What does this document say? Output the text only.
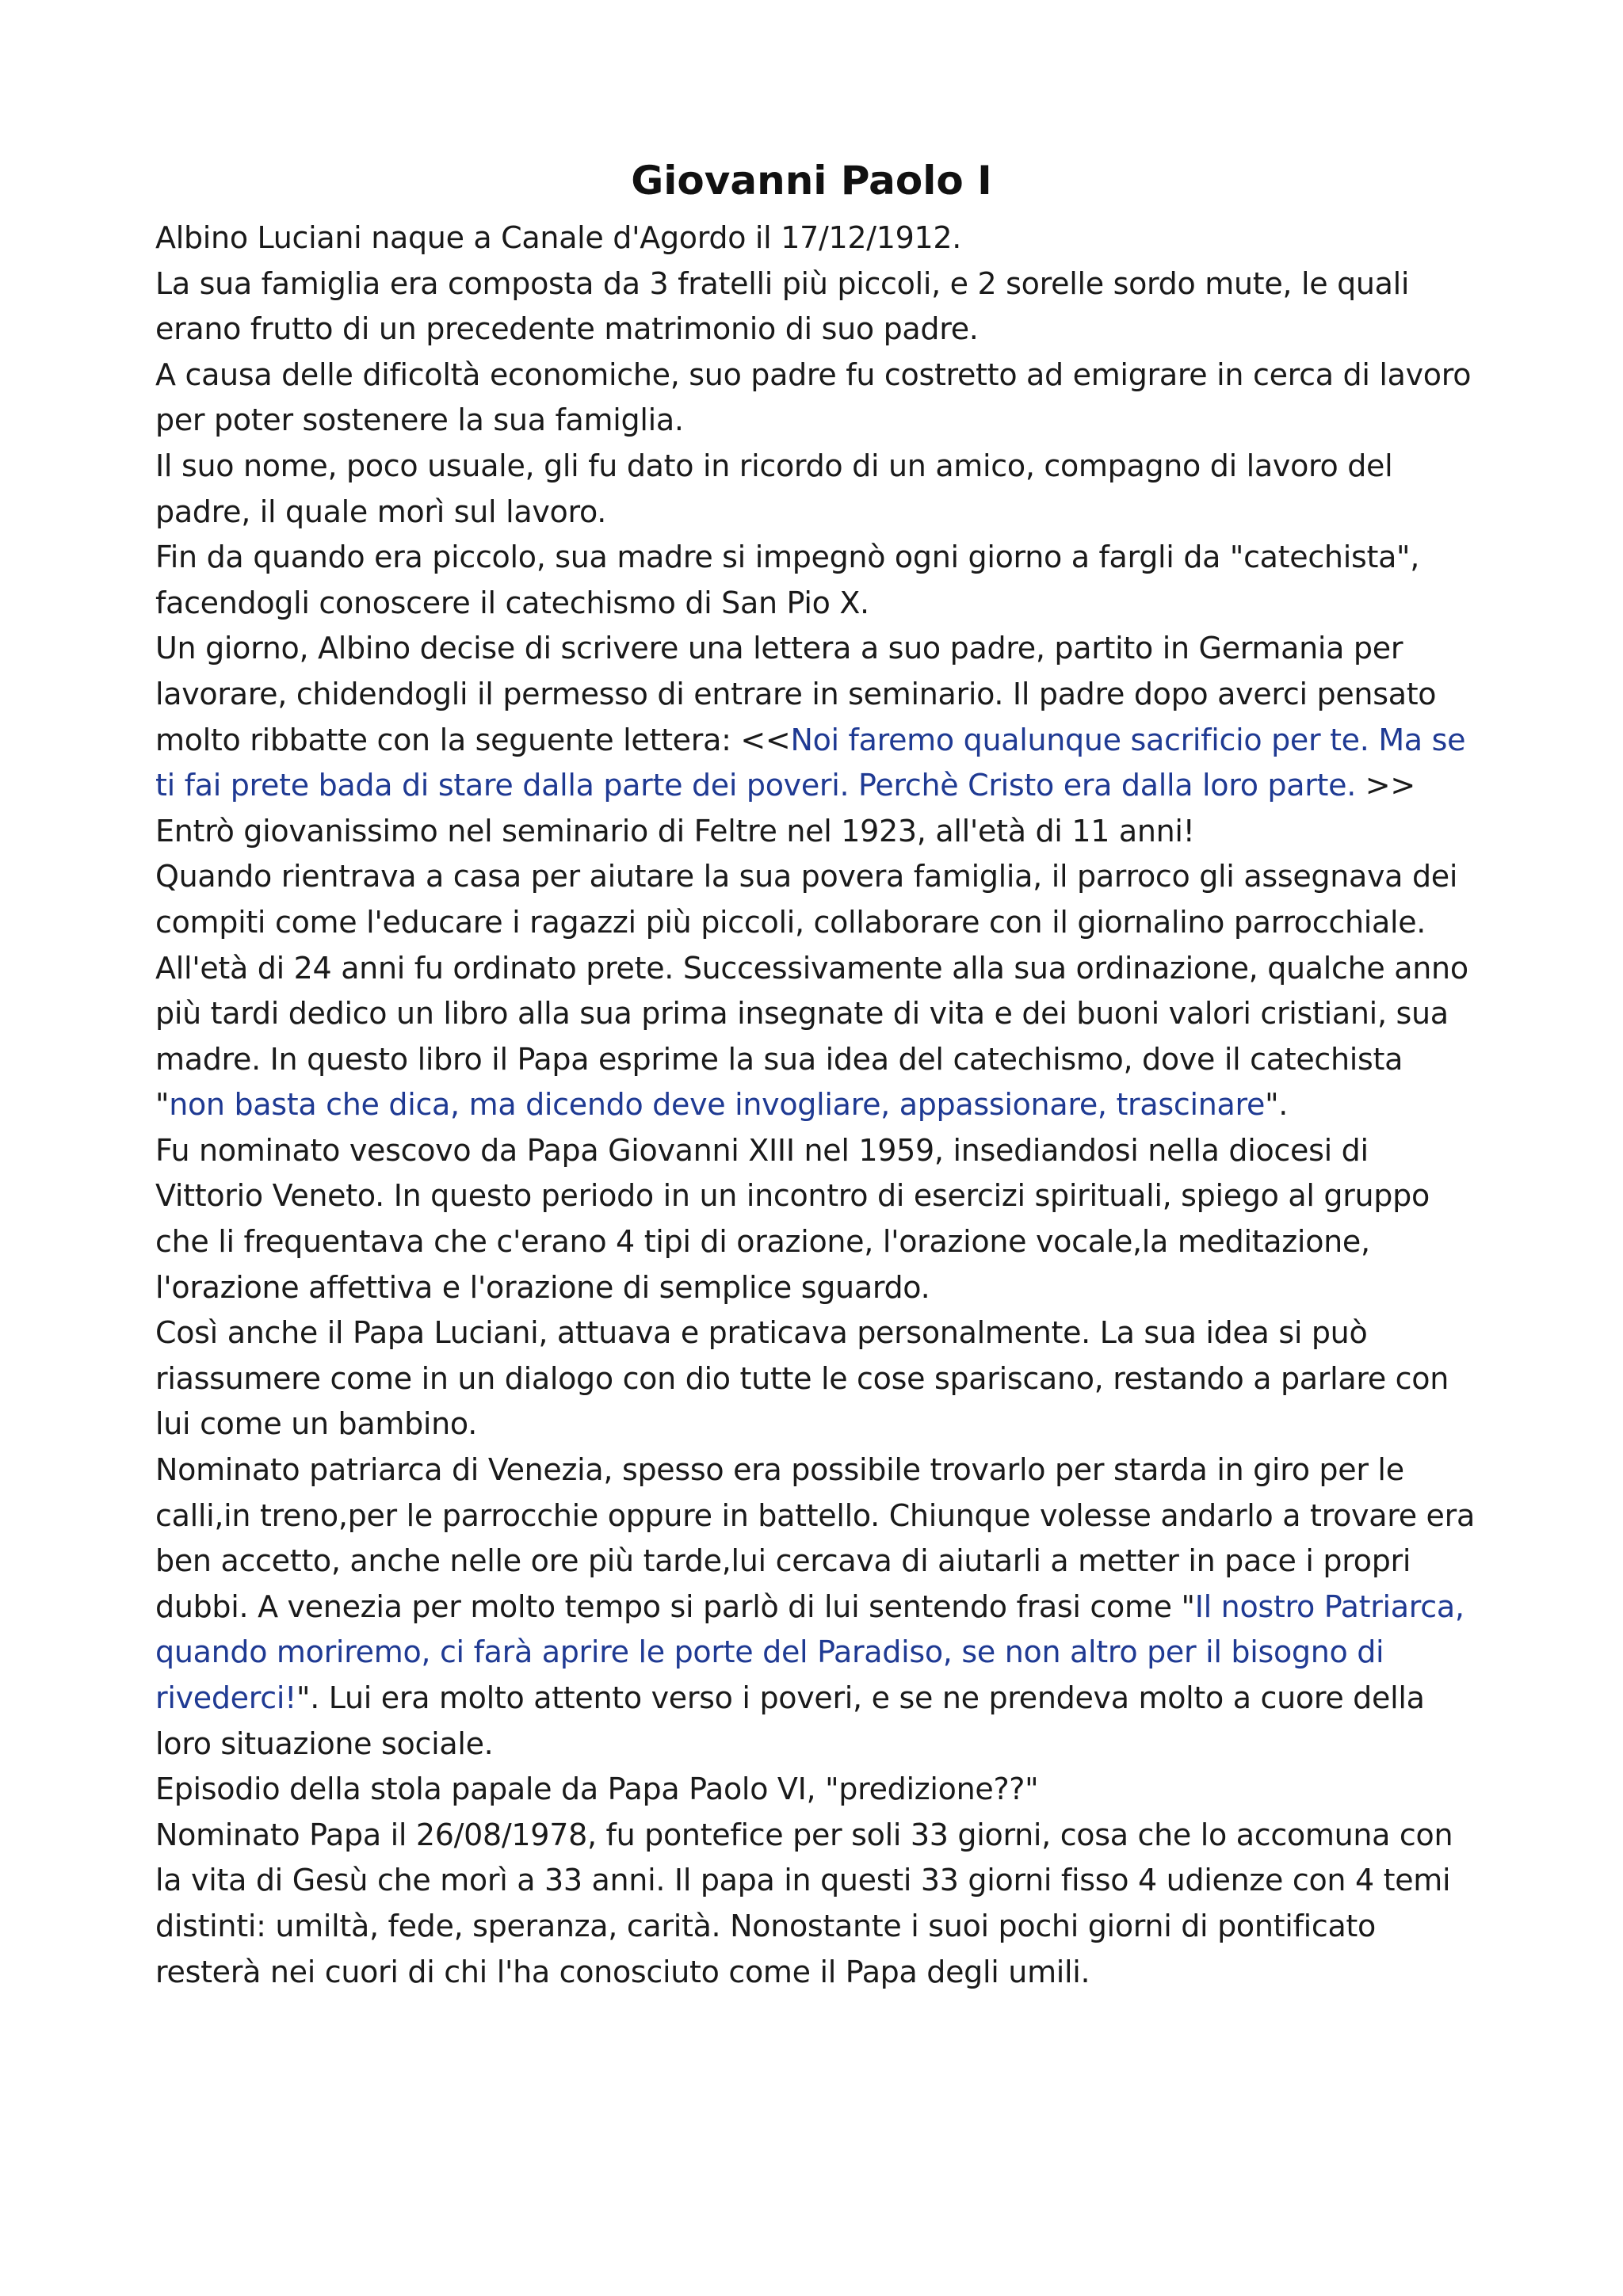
Giovanni Paolo I

Albino Luciani naque a Canale d'Agordo il 17/12/1912.

La sua famiglia era composta da 3 fratelli più piccoli, e 2 sorelle sordo mute, le quali erano frutto di un precedente matrimonio di suo padre.

A causa delle dificoltà economiche, suo padre fu costretto ad emigrare in cerca di lavoro per poter sostenere la sua famiglia.

Il suo nome, poco usuale, gli fu dato in ricordo di un amico, compagno di lavoro del padre, il quale morì sul lavoro.

Fin da quando era piccolo, sua madre si impegnò ogni giorno a fargli da "catechista", facendogli conoscere il catechismo di San Pio X.

Un giorno, Albino decise di scrivere una lettera a suo padre, partito in Germania per lavorare, chidendogli il permesso di entrare in seminario. Il padre dopo averci pensato molto ribbatte con la seguente lettera: <<Noi faremo qualunque sacrificio per te. Ma se ti fai prete bada di stare dalla parte dei poveri. Perchè Cristo era dalla loro parte. >>

Entrò giovanissimo nel seminario di Feltre nel 1923, all'età di 11 anni!

Quando rientrava a casa per aiutare la sua povera famiglia, il parroco gli assegnava dei compiti come l'educare i ragazzi più piccoli, collaborare con il giornalino parrocchiale.

All'età di 24 anni fu ordinato prete. Successivamente alla sua ordinazione, qualche anno più tardi dedico un libro alla sua prima insegnate di vita e dei buoni valori cristiani, sua madre. In questo libro il Papa esprime la sua idea del catechismo, dove il catechista "non basta che dica, ma dicendo deve invogliare, appassionare, trascinare".

Fu nominato vescovo da Papa Giovanni XIII nel 1959, insediandosi nella diocesi di Vittorio Veneto. In questo periodo in un incontro di esercizi spirituali, spiego al gruppo che li frequentava che c'erano 4 tipi di orazione, l'orazione vocale,la meditazione, l'orazione affettiva e l'orazione di semplice sguardo.

Così anche il Papa Luciani, attuava e praticava personalmente. La sua idea si può riassumere come in un dialogo con dio tutte le cose spariscano, restando a parlare con lui come un bambino.

Nominato patriarca di Venezia, spesso era possibile trovarlo per starda in giro per le calli,in treno,per le parrocchie oppure in battello. Chiunque volesse andarlo a trovare era ben accetto, anche nelle ore più tarde,lui cercava di aiutarli a metter in pace i propri dubbi. A venezia per molto tempo si parlò di lui sentendo frasi come "Il nostro Patriarca, quando moriremo, ci farà aprire le porte del Paradiso, se non altro per il bisogno di rivederci!". Lui era molto attento verso i poveri, e se ne prendeva molto a cuore della loro situazione sociale.

Episodio della stola papale da Papa Paolo VI, "predizione??"

Nominato Papa il 26/08/1978, fu pontefice per soli 33 giorni, cosa che lo accomuna con la vita di Gesù che morì a 33 anni. Il papa in questi 33 giorni fisso 4 udienze con 4 temi distinti: umiltà, fede, speranza, carità. Nonostante i suoi pochi giorni di pontificato resterà nei cuori di chi l'ha conosciuto come il Papa degli umili.
